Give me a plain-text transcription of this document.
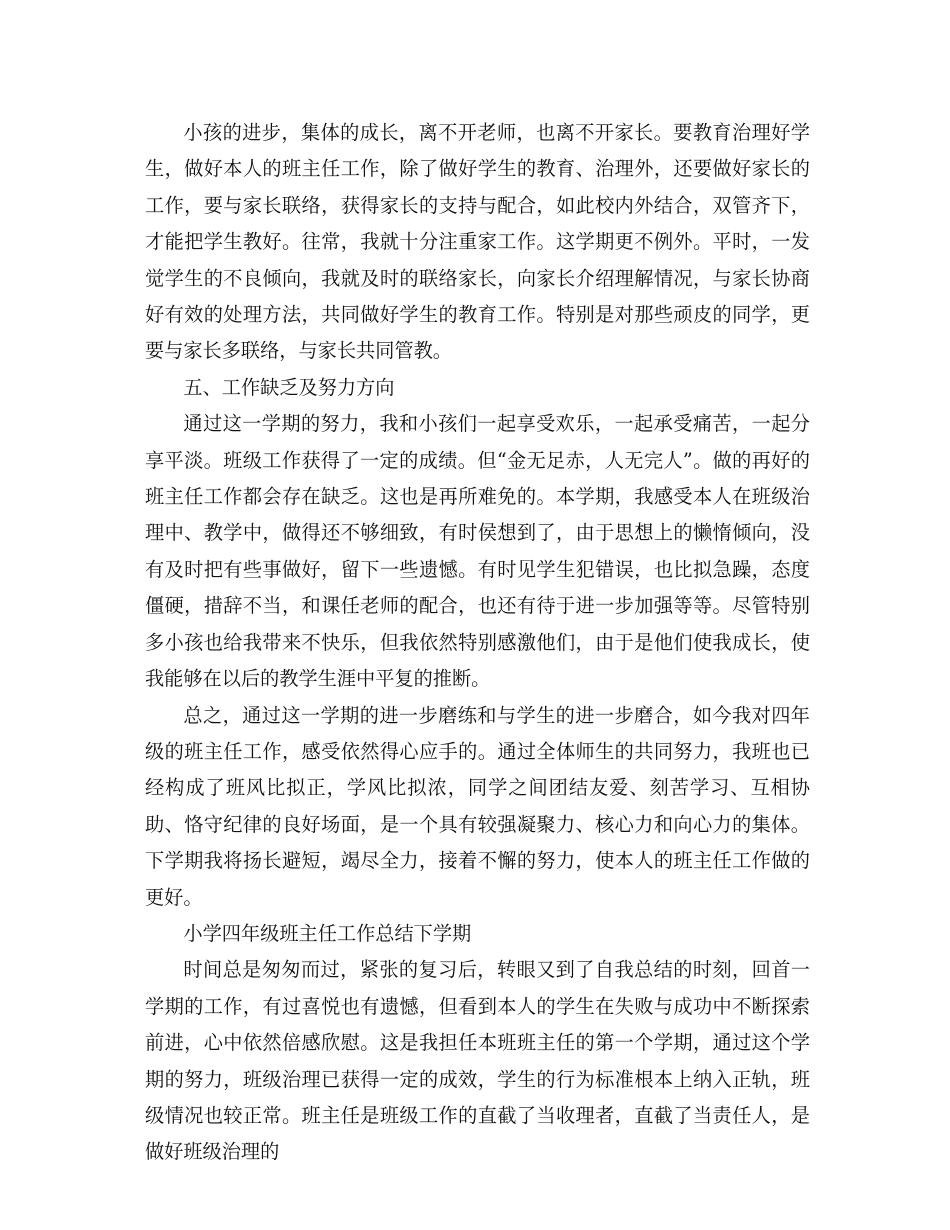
小孩的进步，集体的成长，离不开老师，也离不开家长。要教育治理好学生，做好本人的班主任工作，除了做好学生的教育、治理外，还要做好家长的工作，要与家长联络，获得家长的支持与配合，如此校内外结合，双管齐下，才能把学生教好。往常，我就十分注重家工作。这学期更不例外。平时，一发觉学生的不良倾向，我就及时的联络家长，向家长介绍理解情况，与家长协商好有效的处理方法，共同做好学生的教育工作。特别是对那些顽皮的同学，更要与家长多联络，与家长共同管教。

五、工作缺乏及努力方向

通过这一学期的努力，我和小孩们一起享受欢乐，一起承受痛苦，一起分享平淡。班级工作获得了一定的成绩。但“金无足赤，人无完人”。做的再好的班主任工作都会存在缺乏。这也是再所难免的。本学期，我感受本人在班级治理中、教学中，做得还不够细致，有时侯想到了，由于思想上的懒惰倾向，没有及时把有些事做好，留下一些遗憾。有时见学生犯错误，也比拟急躁，态度僵硬，措辞不当，和课任老师的配合，也还有待于进一步加强等等。尽管特别多小孩也给我带来不快乐，但我依然特别感激他们，由于是他们使我成长，使我能够在以后的教学生涯中平复的推断。

总之，通过这一学期的进一步磨练和与学生的进一步磨合，如今我对四年级的班主任工作，感受依然得心应手的。通过全体师生的共同努力，我班也已经构成了班风比拟正，学风比拟浓，同学之间团结友爱、刻苦学习、互相协助、恪守纪律的良好场面，是一个具有较强凝聚力、核心力和向心力的集体。下学期我将扬长避短，竭尽全力，接着不懈的努力，使本人的班主任工作做的更好。

小学四年级班主任工作总结下学期

时间总是匆匆而过，紧张的复习后，转眼又到了自我总结的时刻，回首一学期的工作，有过喜悦也有遗憾，但看到本人的学生在失败与成功中不断探索前进，心中依然倍感欣慰。这是我担任本班班主任的第一个学期，通过这个学期的努力，班级治理已获得一定的成效，学生的行为标准根本上纳入正轨，班级情况也较正常。班主任是班级工作的直截了当收理者，直截了当责任人，是做好班级治理的
